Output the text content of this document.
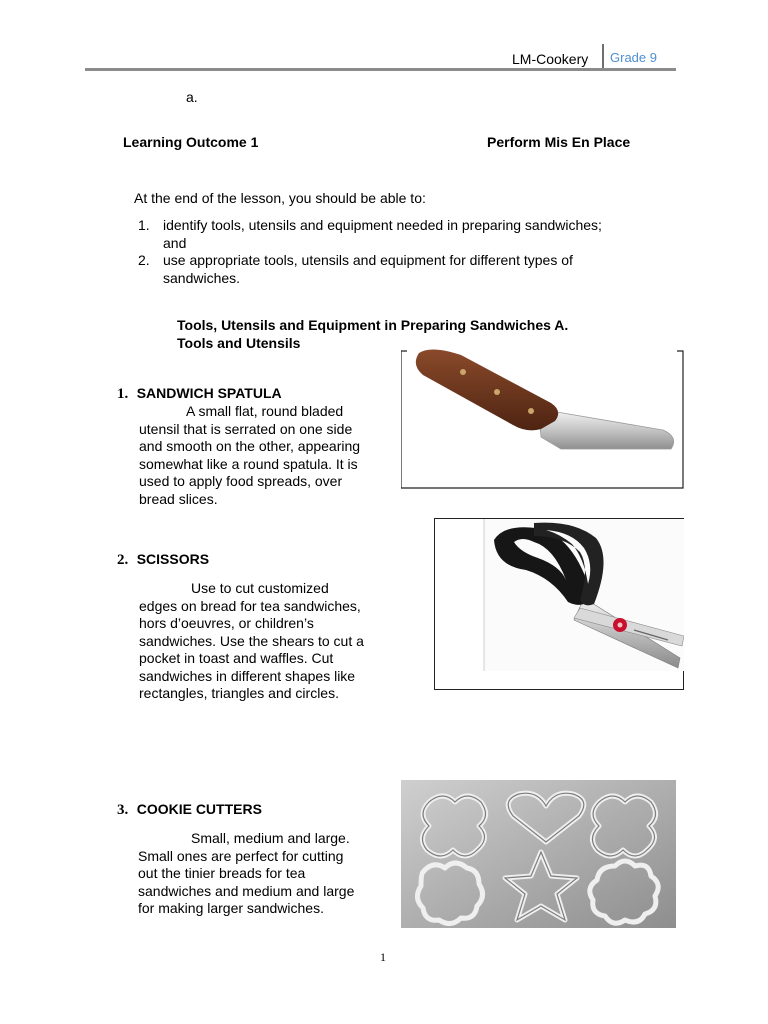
LM-Cookery Grade 9
a.
Learning Outcome 1	Perform Mis En Place
At the end of the lesson, you should be able to:
1. identify tools, utensils and equipment needed in preparing sandwiches;
and
2. use appropriate tools, utensils and equipment for different types of
sandwiches.
Tools, Utensils and Equipment in Preparing Sandwiches A.
Tools and Utensils
1. SANDWICH SPATULA
A small flat, round bladed
utensil that is serrated on one side
and smooth on the other, appearing
somewhat like a round spatula. It is
used to apply food spreads, over
bread slices.
2. SCISSORS
Use to cut customized
edges on bread for tea sandwiches,
hors d’oeuvres, or children’s
sandwiches. Use the shears to cut a
pocket in toast and waffles. Cut
sandwiches in different shapes like
rectangles, triangles and circles.
3. COOKIE CUTTERS
Small, medium and large.
Small ones are perfect for cutting
out the tinier breads for tea
sandwiches and medium and large
for making larger sandwiches.
1
